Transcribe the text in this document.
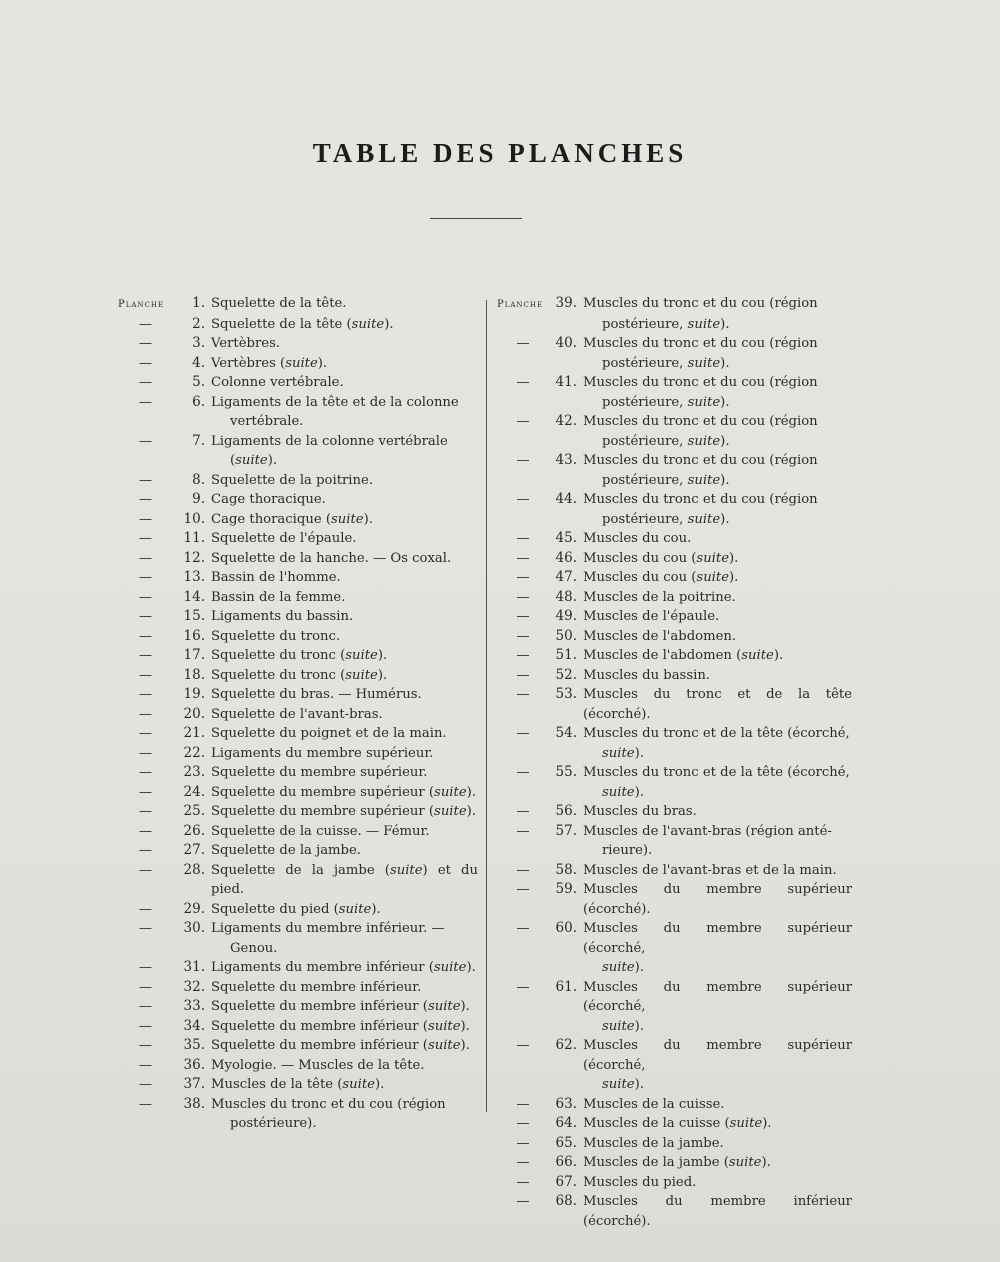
TABLE DES PLANCHES
Planche	1. Squelette de la tête.
—	2. Squelette de la tête (suite).
—	3. Vertèbres.
—	4. Vertèbres (suite).
—	5. Colonne vertébrale.
—	6. Ligaments de la tête et de la colonne
vertébrale.
—	7. Ligaments de la colonne vertébrale
(suite).
—	8. Squelette de la poitrine.
—	9. Cage thoracique.
—	10. Cage thoracique (suite).
—	11. Squelette de l'épaule.
—	12. Squelette de la hanche. — Os coxal.
—	13. Bassin de l'homme.
—	14. Bassin de la femme.
—	15. Ligaments du bassin.
—	16. Squelette du tronc.
—	17. Squelette du tronc (suite).
—	18. Squelette du tronc (suite).
—	19. Squelette du bras. — Humérus.
—	20. Squelette de l'avant-bras.
—	21. Squelette du poignet et de la main.
—	22. Ligaments du membre supérieur.
—	23. Squelette du membre supérieur.
—	24. Squelette du membre supérieur (suite).
—	25. Squelette du membre supérieur (suite).
—	26. Squelette de la cuisse. — Fémur.
—	27. Squelette de la jambe.
—	28. Squelette de la jambe (suite) et du pied.
—	29. Squelette du pied (suite).
—	30. Ligaments du membre inférieur. —
Genou.
—	31. Ligaments du membre inférieur (suite).
—	32. Squelette du membre inférieur.
—	33. Squelette du membre inférieur (suite).
—	34. Squelette du membre inférieur (suite).
—	35. Squelette du membre inférieur (suite).
—	36. Myologie. — Muscles de la tête.
—	37. Muscles de la tête (suite).
—	38. Muscles du tronc et du cou (région
postérieure).
Planche 39. Muscles du tronc et du cou (région
postérieure, suite).
—	40. Muscles du tronc et du cou (région
postérieure, suite).
—	41. Muscles du tronc et du cou (région
postérieure, suite).
—	42. Muscles du tronc et du cou (région
postérieure, suite).
—	43. Muscles du tronc et du cou (région
postérieure, suite).
—	44. Muscles du tronc et du cou (région
postérieure, suite).
—	45. Muscles du cou.
—	46. Muscles du cou (suite).
—	47. Muscles du cou (suite).
—	48. Muscles de la poitrine.
—	49. Muscles de l'épaule.
—	50. Muscles de l'abdomen.
—	51. Muscles de l'abdomen (suite).
—	52. Muscles du bassin.
—	53. Muscles du tronc et de la tête (écorché).
—	54. Muscles du tronc et de la tête (écorché,
suite).
—	55. Muscles du tronc et de la tête (écorché,
suite).
—	56. Muscles du bras.
—	57. Muscles de l'avant-bras (région anté-
rieure).
—	58. Muscles de l'avant-bras et de la main.
—	59. Muscles du membre supérieur (écorché).
—	60. Muscles du membre supérieur (écorché,
suite).
—	61. Muscles du membre supérieur (écorché,
suite).
—	62. Muscles du membre supérieur (écorché,
suite).
—	63. Muscles de la cuisse.
—	64. Muscles de la cuisse (suite).
—	65. Muscles de la jambe.
—	66. Muscles de la jambe (suite).
—	67. Muscles du pied.
—	68. Muscles du membre inférieur (écorché).
